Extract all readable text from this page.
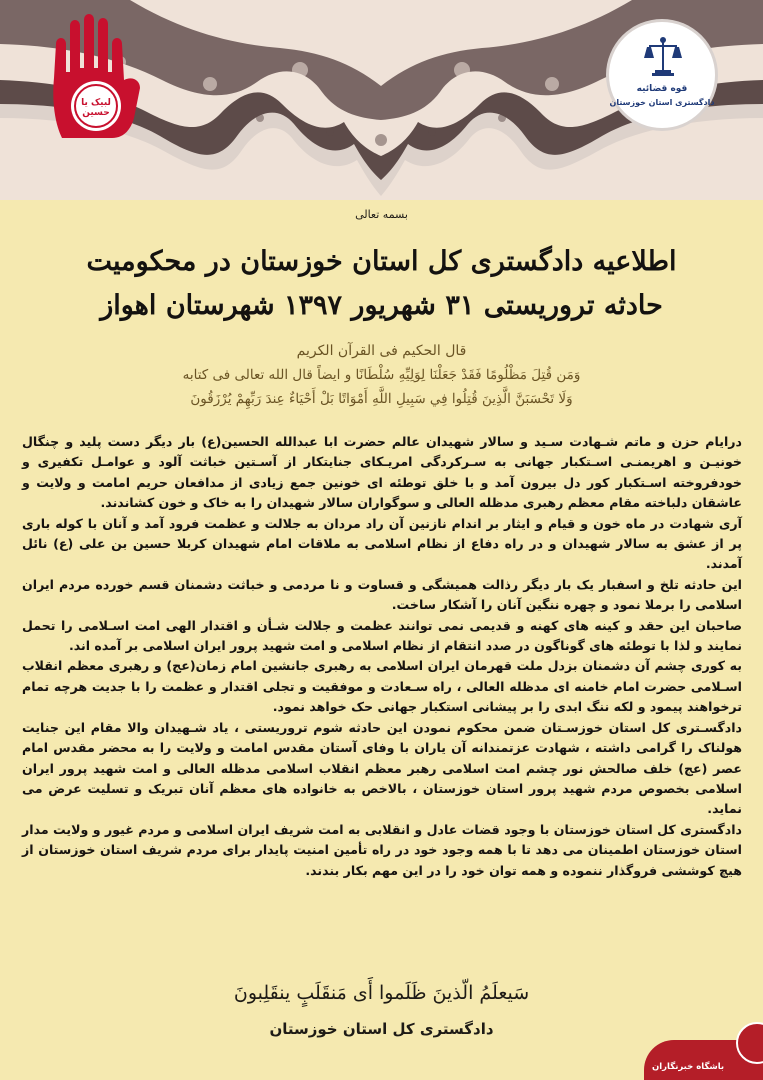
لبیک یا حسین
قوه قضائیه
دادگستری استان خوزستان
بسمه تعالی
اطلاعیه دادگستری کل استان خوزستان در محکومیت
حادثه تروریستی ۳۱ شهریور ۱۳۹۷ شهرستان اهواز
قال الحکیم فی القرآن الکریم
وَمَن قُتِلَ مَظْلُومًا فَقَدْ جَعَلْنَا لِوَلِيِّهِ سُلْطَانًا و ایضاً قال الله تعالی فی کتابه
وَلَا تَحْسَبَنَّ الَّذِينَ قُتِلُوا فِي سَبِيلِ اللَّهِ أَمْوَاتًا بَلْ أَحْيَاءٌ عِندَ رَبِّهِمْ يُرْزَقُونَ

درایام حزن و ماتم شـهادت سـید و سالار شهیدان عالم حضرت ابا عبدالله الحسین(ع) بار دیگر دست پلید و چنگال خونیـن و اهریمنـی اسـتکبار جهانی به سـرکردگی امریـکای جنایتکار از آسـتین خباثت آلود و عوامـل تکفیری و خودفروخته اسـتکبار کور دل بیرون آمد و با خلق توطئه ای خونین جمع زیادی از مدافعان حریم امامت و ولایت و عاشقان دلباخته مقام معظم رهبری مدظله العالی و سوگواران سالار شهیدان را به خاک و خون کشاندند.

آری شهادت در ماه خون و قیام و ایثار بر اندام نازنین آن راد مردان به جلالت و عظمت فرود آمد و آنان با کوله باری پر از عشق به سالار شهیدان و در راه دفاع از نظام اسلامی به ملاقات امام شهیدان کربلا حسین بن علی (ع) نائل آمدند.

این حادثه تلخ و اسفبار یک بار دیگر رذالت همیشگی و قساوت و نا مردمی و خباثت دشمنان قسم خورده مردم ایران اسلامی را برملا نمود و چهره ننگین آنان را آشکار ساخت.

صاحبان این حقد و کینه های کهنه و قدیمی نمی توانند عظمت و جلالت شـأن و اقتدار الهی امت اسـلامی را تحمل نمایند و لذا با توطئه های گوناگون در صدد انتقام از نظام اسلامی و امت شهید پرور ایران اسلامی بر آمده اند.

به کوری چشم آن دشمنان بزدل ملت قهرمان ایران اسلامی به رهبری جانشین امام زمان(عج) و رهبری معظم انقلاب اسـلامی حضرت امام خامنه ای مدظله العالی ، راه سـعادت و موفقیت و تجلی اقتدار و عظمت را با جدیت هرچه تمام ترخواهند پیمود و لکه ننگ ابدی را بر پیشانی استکبار جهانی حک خواهد نمود.

دادگسـتری کل استان خوزسـتان ضمن محکوم نمودن این حادثه شوم تروریستی ، یاد شـهیدان والا مقام این جنایت هولناک را گرامی داشته ، شهادت عزتمندانه آن یاران با وفای آستان مقدس امامت و ولایت را به محضر مقدس امام عصر (عج) خلف صالحش نور چشم امت اسلامی رهبر معظم انقلاب اسلامی مدظله العالی و امت شهید پرور ایران اسلامی بخصوص مردم شهید پرور استان خوزستان ، بالاخص به خانواده های معظم آنان تبریک و تسلیت عرض می نماید.

دادگستری کل استان خوزستان با وجود قضات عادل و انقلابی به امت شریف ایران اسلامی و مردم غیور و ولایت مدار استان خوزستان اطمینان می دهد تا با همه وجود خود در راه تأمین امنیت پایدار برای مردم شریف استان خوزستان از هیچ کوششی فروگذار ننموده و همه توان خود را در این مهم بکار بندند.

سَيعلَمُ الّذينَ ظَلَموا أَى مَنقَلَبٍ ينقَلِبونَ
دادگستری کل استان خوزستان
باشگاه خبرنگاران
